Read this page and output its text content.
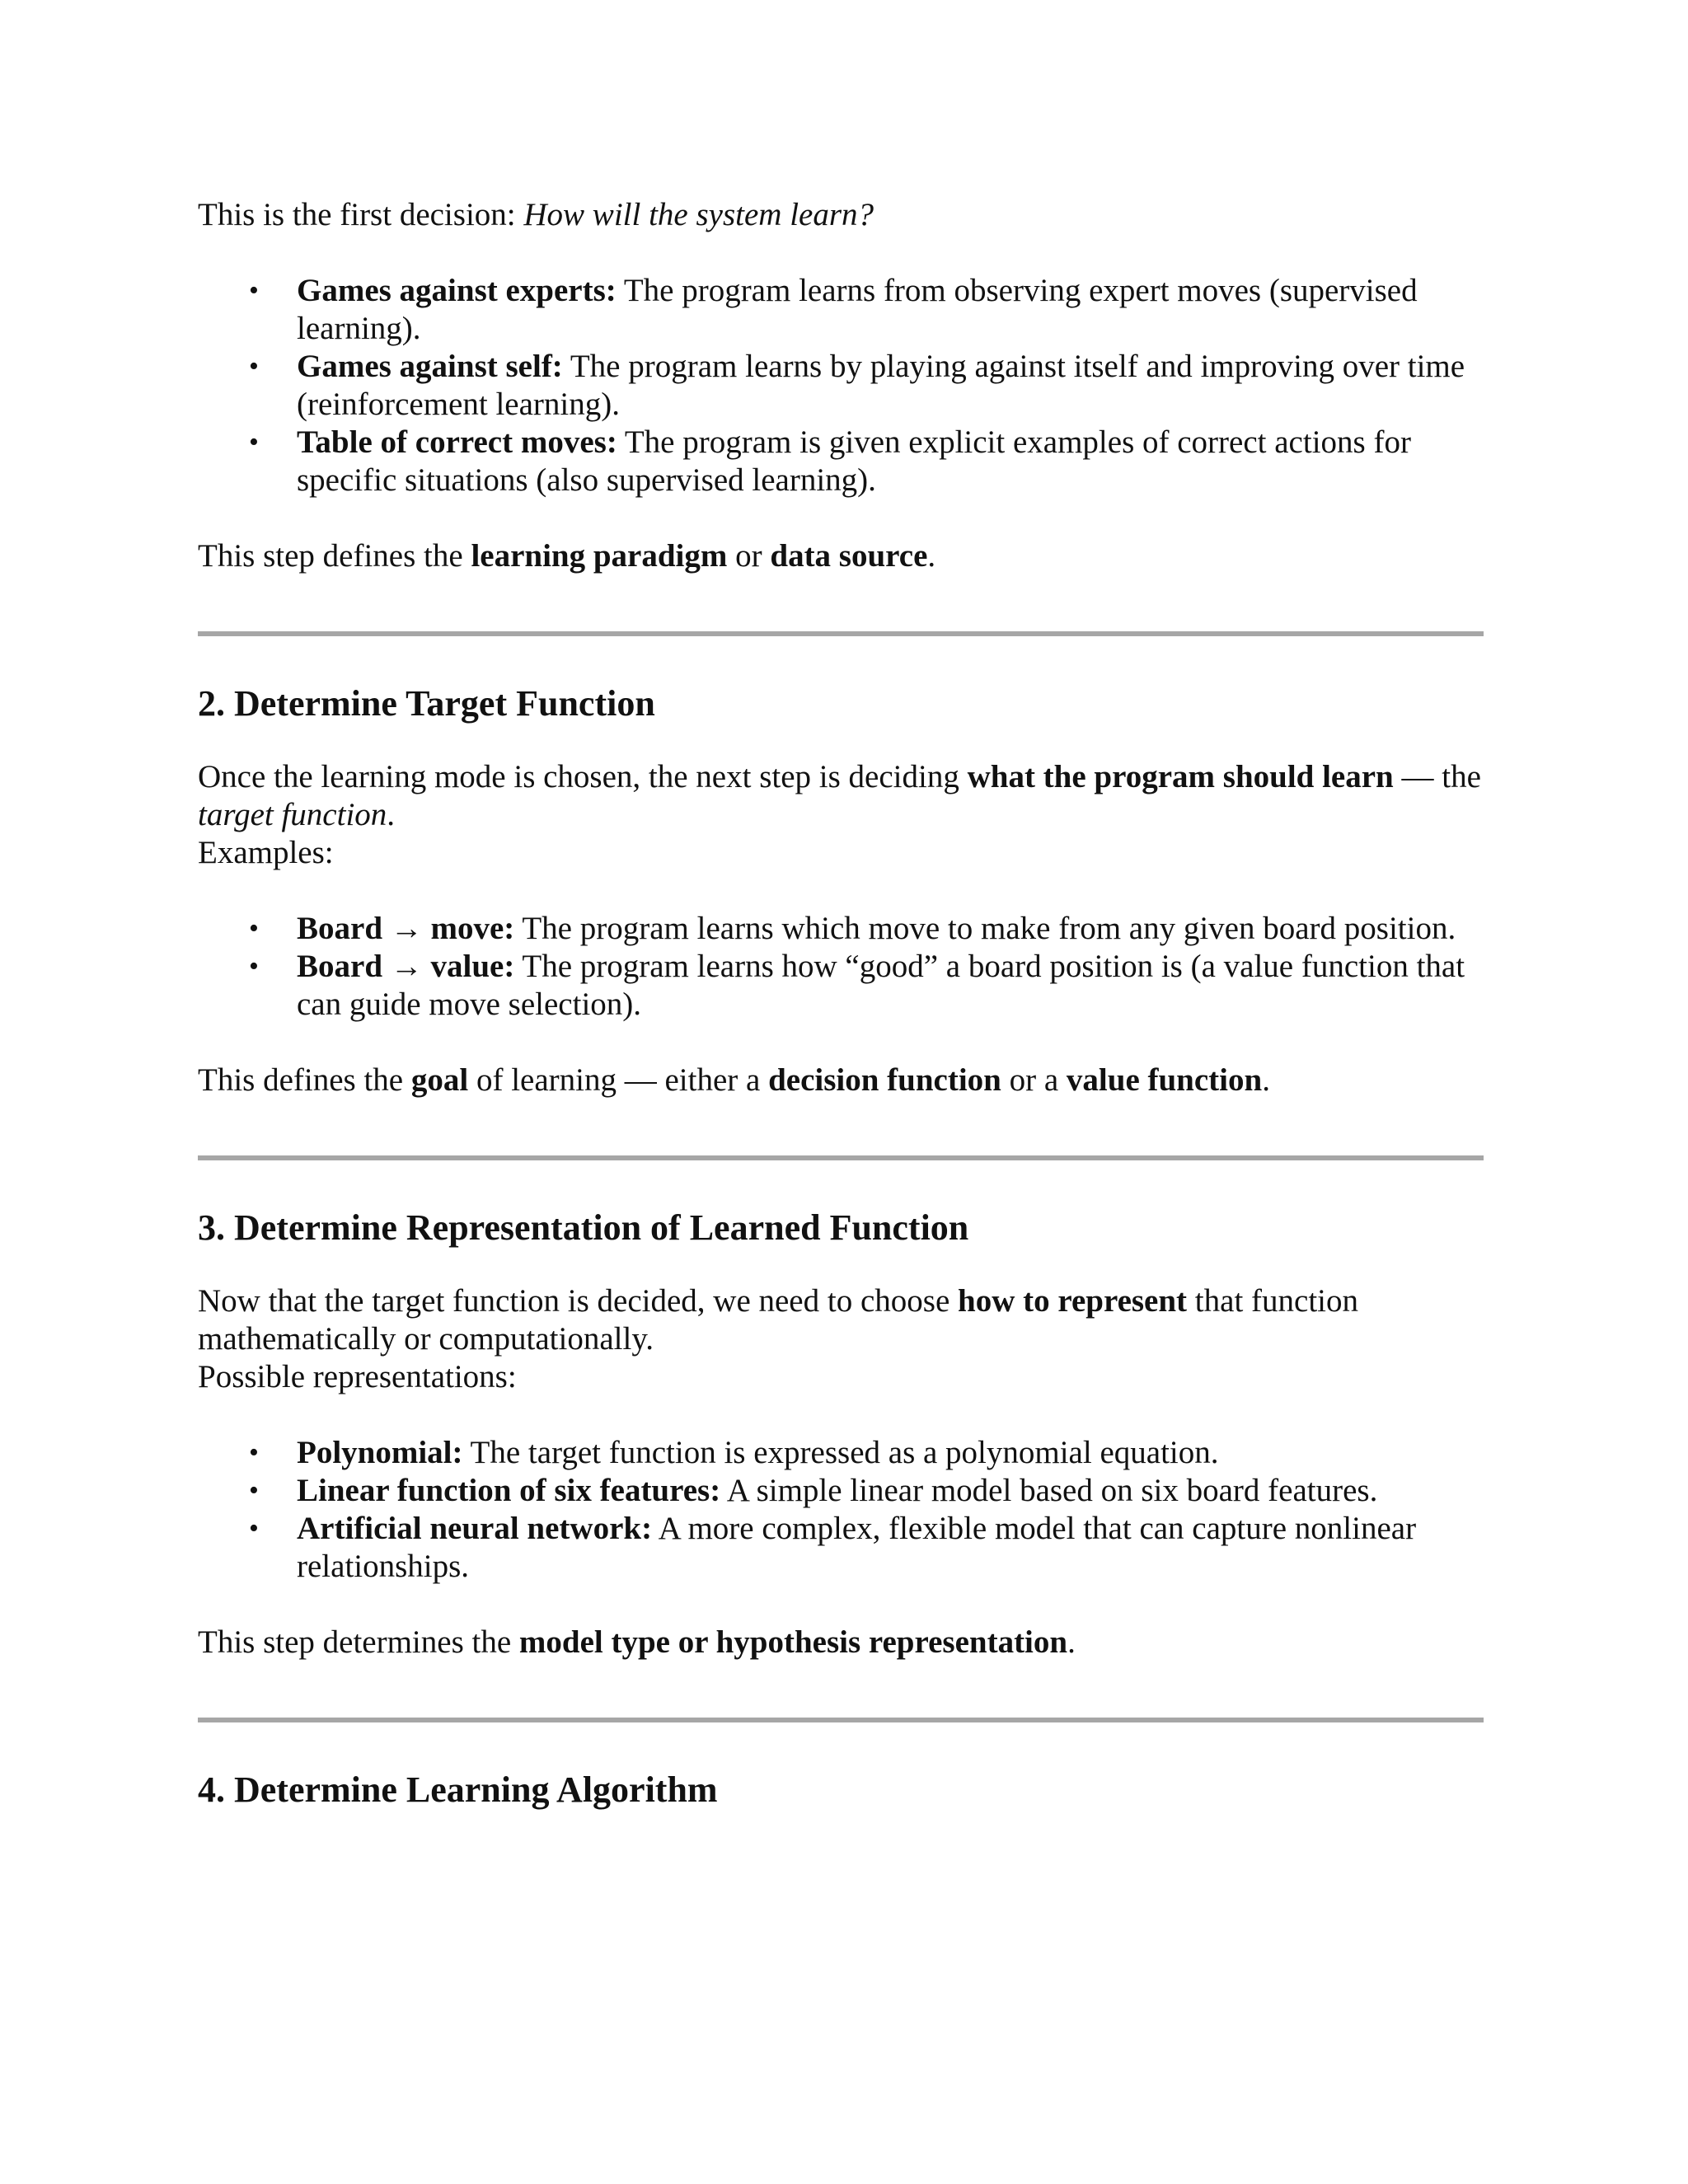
This is the first decision: How will the system learn?

• Games against experts: The program learns from observing expert moves (supervised learning).
• Games against self: The program learns by playing against itself and improving over time (reinforcement learning).
• Table of correct moves: The program is given explicit examples of correct actions for specific situations (also supervised learning).

This step defines the learning paradigm or data source.

2. Determine Target Function

Once the learning mode is chosen, the next step is deciding what the program should learn — the target function.

Examples:

• Board → move: The program learns which move to make from any given board position.
• Board → value: The program learns how “good” a board position is (a value function that can guide move selection).

This defines the goal of learning — either a decision function or a value function.

3. Determine Representation of Learned Function

Now that the target function is decided, we need to choose how to represent that function mathematically or computationally.

Possible representations:

• Polynomial: The target function is expressed as a polynomial equation.
• Linear function of six features: A simple linear model based on six board features.
• Artificial neural network: A more complex, flexible model that can capture nonlinear relationships.

This step determines the model type or hypothesis representation.

4. Determine Learning Algorithm
